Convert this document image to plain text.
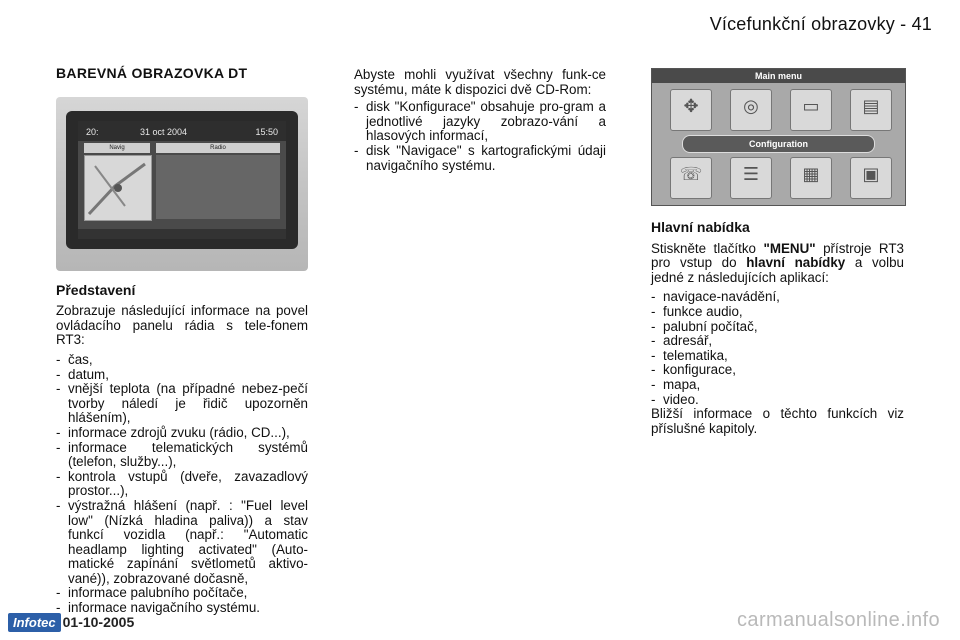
Vícefunkční obrazovky - 41
BAREVNÁ OBRAZOVKA DT
20:	31 oct 2004	15:50
Navig	Radio
Představení

Zobrazuje následující informace na povel ovládacího panelu rádia s tele-fonem RT3:

- čas,
- datum,
- vnější teplota (na případné nebez-pečí tvorby náledí je řidič upozorněn hlášením),
- informace zdrojů zvuku (rádio, CD...),
- informace telematických systémů (telefon, služby...),
- kontrola vstupů (dveře, zavazadlový prostor...),
- výstražná hlášení (např. : "Fuel level low" (Nízká hladina paliva)) a stav funkcí vozidla (např.: "Automatic headlamp lighting activated" (Auto-matické zapínání světlometů aktivo-vané)), zobrazované dočasně,
- informace palubního počítače,
- informace navigačního systému.

Abyste mohli využívat všechny funk-ce systému, máte k dispozici dvě CD-Rom:

- disk "Konfigurace" obsahuje pro-gram a jednotlivé jazyky zobrazo-vání a hlasových informací,
- disk "Navigace" s kartografickými údaji navigačního systému.
Main menu
✥	◎	▭	▤
Configuration
☏	☰	▦	▣
Hlavní nabídka

Stiskněte tlačítko "MENU" přístroje RT3 pro vstup do hlavní nabídky a volbu jedné z následujících aplikací:

- navigace-navádění,
- funkce audio,
- palubní počítač,
- adresář,
- telematika,
- konfigurace,
- mapa,
- video.

Bližší informace o těchto funkcích viz příslušné kapitoly.

Infotec 01-10-2005	carmanualsonline.info
